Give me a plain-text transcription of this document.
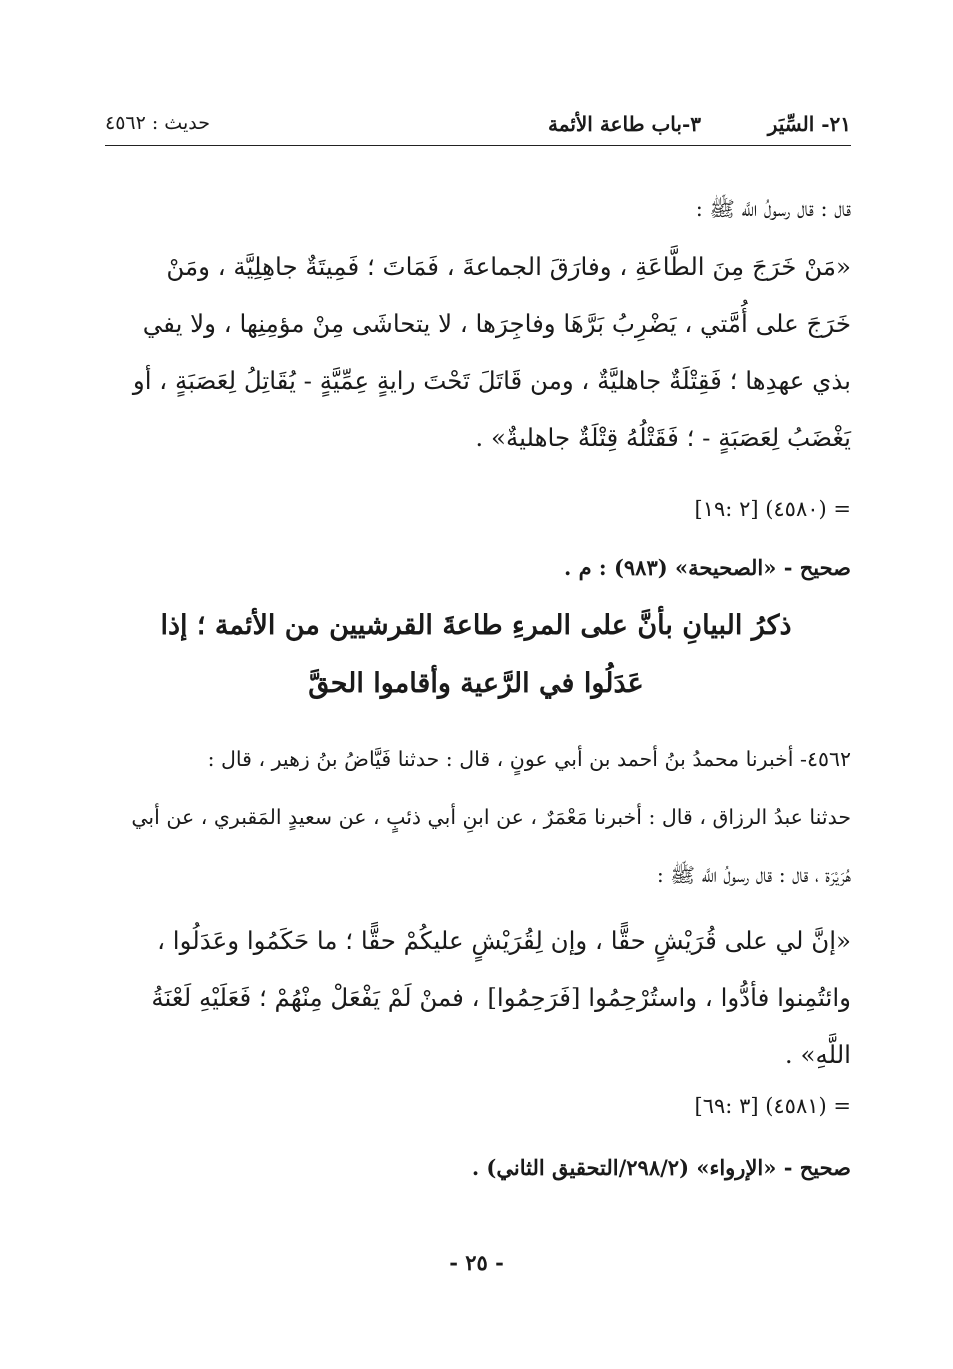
٢١- السِّيَر
٣-باب طاعة الأئمة
حديث : ٤٥٦٢
قال : قال رسولُ اللَّه ﷺ :
«مَنْ خَرَجَ مِنَ الطَّاعَةِ ، وفارَقَ الجماعةَ ، فَمَاتَ ؛ فَمِيتَةٌ جاهِلِيَّة ، ومَنْ
خَرَجَ على أُمَّتي ، يَضْرِبُ بَرَّهَا وفاجِرَها ، لا يتحاشَى مِنْ مؤمِنِها ، ولا يفي
بذي عهدِها ؛ فَقِتْلَةٌ جاهليَّةٌ ، ومن قَاتَلَ تَحْتَ رايةٍ عِمِّيَّةٍ - يُقَاتِلُ لِعَصَبَةٍ ، أو
يَغْضَبُ لِعَصَبَةٍ - ؛ فَقَتْلُهُ قِتْلَةٌ جاهليةٌ» .
= (٤٥٨٠) [٢ :١٩]
صحيح - «الصحيحة» (٩٨٣) : م .
ذكرُ البيانِ بأنَّ على المرءِ طاعةَ القرشيين من الأئمة ؛ إذا
عَدَلُوا في الرَّعية وأقاموا الحقَّ
٤٥٦٢- أخبرنا محمدُ بنُ أحمد بن أبي عونٍ ، قال : حدثنا فَيَّاضُ بنُ زهير ، قال :
حدثنا عبدُ الرزاق ، قال : أخبرنا مَعْمَرٌ ، عن ابنِ أبي ذئبٍ ، عن سعيدٍ المَقبري ، عن أبي
هُرَيْرَة ، قال : قال رسولُ اللَّه ﷺ :
«إنَّ لي على قُرَيْشٍ حقًّا ، وإن لِقُرَيْشٍ عليكُمْ حقًّا ؛ ما حَكَمُوا وعَدَلُوا ،
وائتُمِنوا فأدُّوا ، واستُرْحِمُوا [فَرَحِمُوا] ، فمنْ لَمْ يَفْعَلْ مِنْهُمْ ؛ فَعَلَيْهِ لَعْنَةُ
اللَّهِ» .
= (٤٥٨١) [٣ :٦٩]
صحيح - «الإرواء» (٢٩٨/٢/التحقيق الثاني) .
- ٢٥ -
